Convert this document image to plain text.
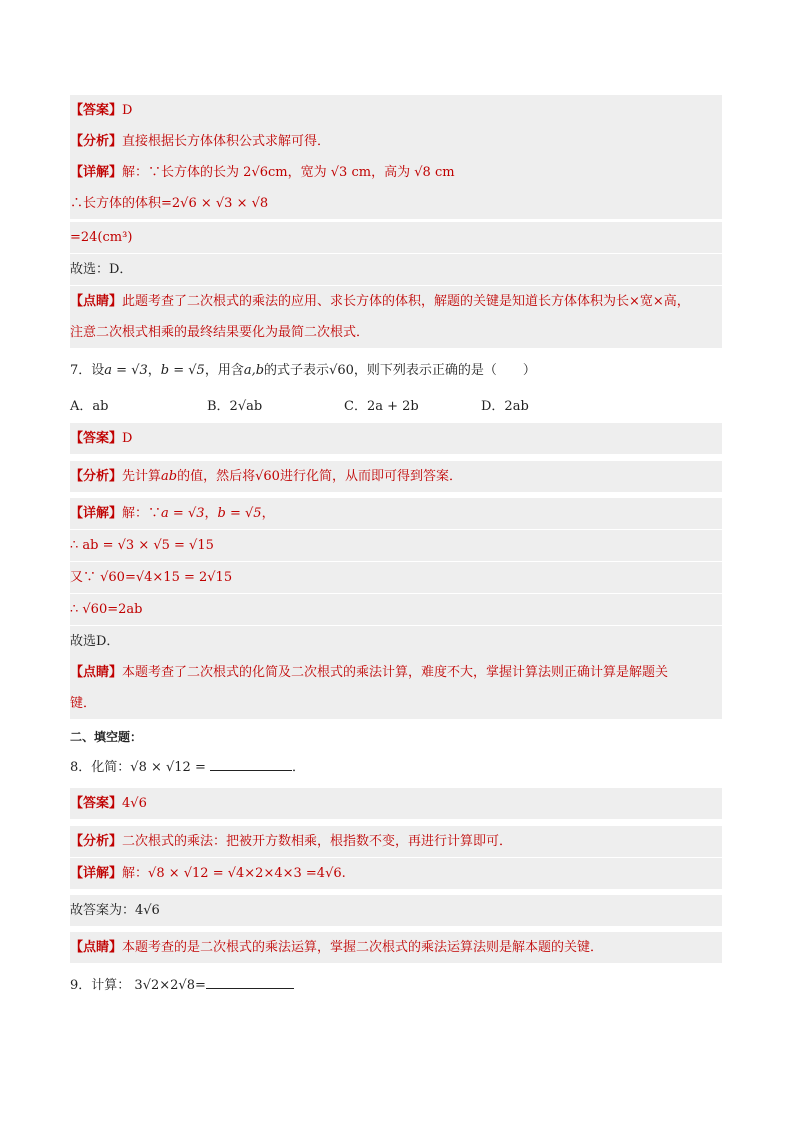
【答案】D
【分析】直接根据长方体体积公式求解可得．
【详解】解：∵长方体的长为 2√6cm，宽为 √3 cm，高为 √8 cm
∴长方体的体积=2√6 × √3 × √8
=24(cm³)
故选：D．
【点睛】此题考查了二次根式的乘法的应用、求长方体的体积，解题的关键是知道长方体体积为长×宽×高，
注意二次根式相乘的最终结果要化为最简二次根式．
7．设a = √3，b = √5，用含a,b的式子表示√60，则下列表示正确的是（　　）
A．ab	B．2√ab	C．2a + 2b	D．2ab
【答案】D
【分析】先计算ab的值，然后将√60进行化简，从而即可得到答案．
【详解】解：∵a = √3，b = √5，
∴ ab = √3 × √5 = √15
又∵ √60=√4×15 = 2√15
∴ √60=2ab
故选D．
【点睛】本题考查了二次根式的化简及二次根式的乘法计算，难度不大，掌握计算法则正确计算是解题关
键．
二、填空题：
8．化简：√8 × √12 =	．
【答案】4√6
【分析】二次根式的乘法：把被开方数相乘，根指数不变，再进行计算即可．
【详解】解：√8 × √12 = √4×2×4×3 =4√6.
故答案为：4√6
【点睛】本题考查的是二次根式的乘法运算，掌握二次根式的乘法运算法则是解本题的关键．
9．计算： 3√2×2√8=
